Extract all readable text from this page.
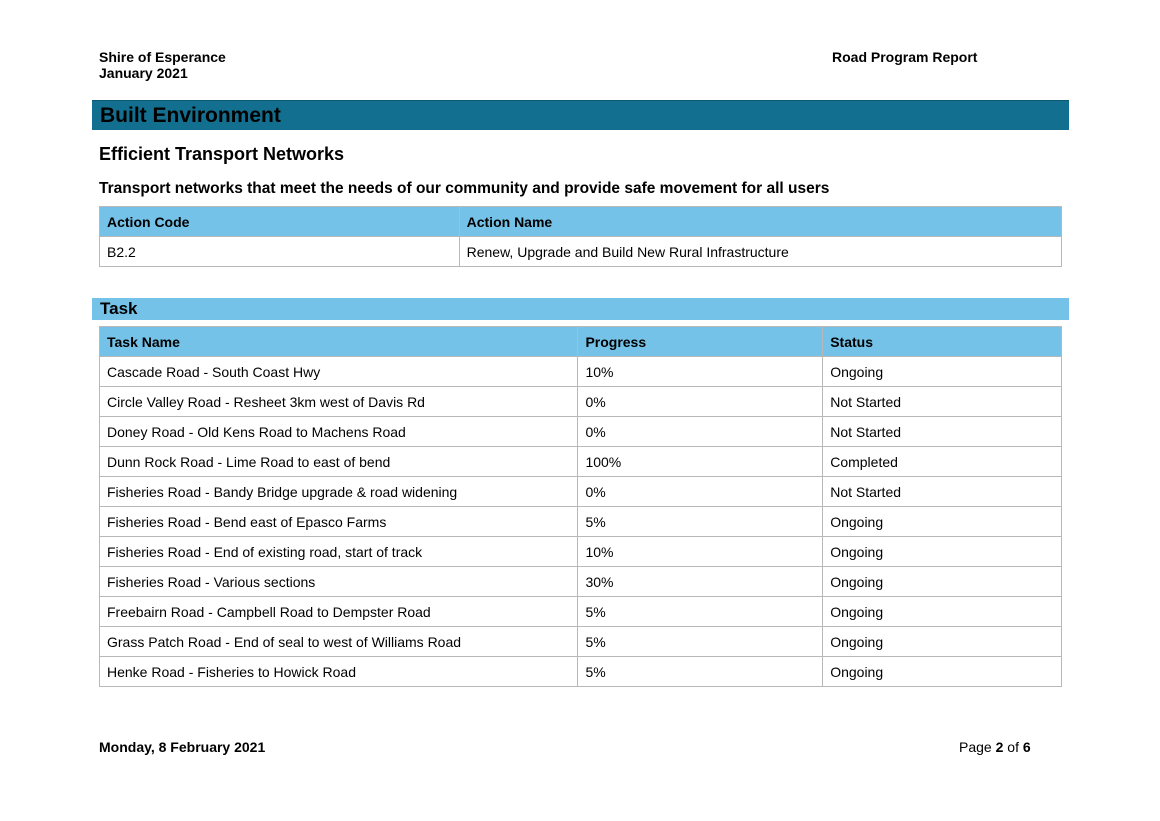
Shire of Esperance
January 2021
Road Program Report
Built Environment
Efficient Transport Networks
Transport networks that meet the needs of our community and provide safe movement for all users
Action Code	Action Name
B2.2	Renew, Upgrade and Build New Rural Infrastructure
Task
Task Name	Progress	Status
Cascade Road - South Coast Hwy	10%	Ongoing
Circle Valley Road - Resheet 3km west of Davis Rd	0%	Not Started
Doney Road - Old Kens Road to Machens Road	0%	Not Started
Dunn Rock Road - Lime Road to east of bend	100%	Completed
Fisheries Road - Bandy Bridge upgrade & road widening	0%	Not Started
Fisheries Road - Bend east of Epasco Farms	5%	Ongoing
Fisheries Road - End of existing road, start of track	10%	Ongoing
Fisheries Road - Various sections	30%	Ongoing
Freebairn Road - Campbell Road to Dempster Road	5%	Ongoing
Grass Patch Road - End of seal to west of Williams Road	5%	Ongoing
Henke Road - Fisheries to Howick Road	5%	Ongoing
Monday, 8 February 2021	Page 2 of 6
